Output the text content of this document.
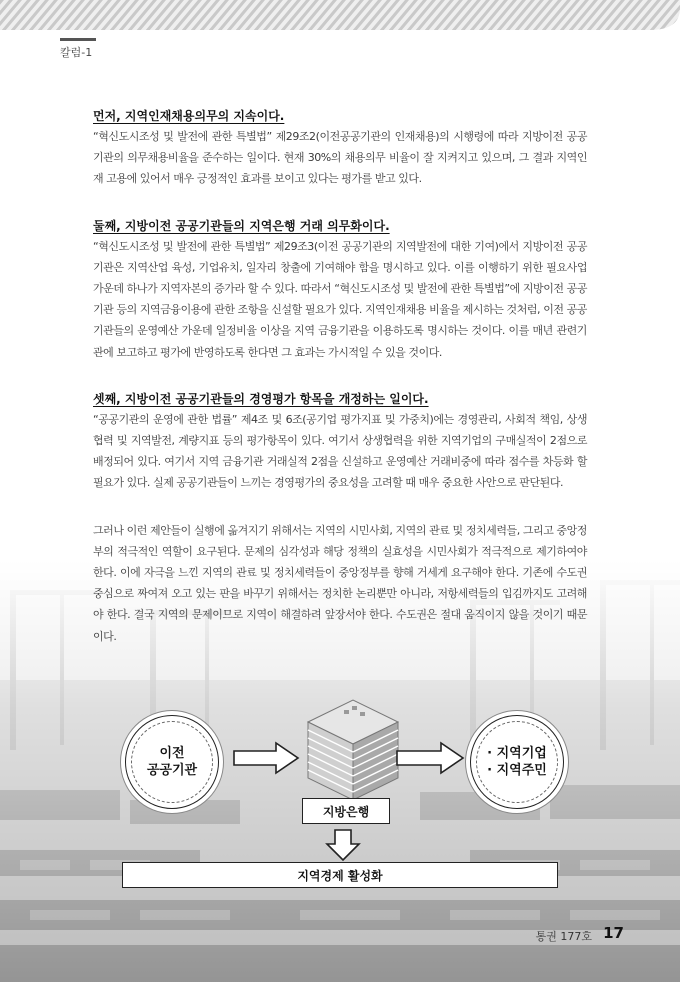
칼럼-1
먼저, 지역인재채용의무의 지속이다.
“혁신도시조성 및 발전에 관한 특별법” 제29조2(이전공공기관의 인재채용)의 시행령에 따라 지방이전 공공기관의 의무채용비율을 준수하는 일이다. 현재 30%의 채용의무 비율이 잘 지켜지고 있으며, 그 결과 지역인재 고용에 있어서 매우 긍정적인 효과를 보이고 있다는 평가를 받고 있다.
둘째, 지방이전 공공기관들의 지역은행 거래 의무화이다.
“혁신도시조성 및 발전에 관한 특별법” 제29조3(이전 공공기관의 지역발전에 대한 기여)에서 지방이전 공공기관은 지역산업 육성, 기업유치, 일자리 창출에 기여해야 함을 명시하고 있다. 이를 이행하기 위한 필요사업 가운데 하나가 지역자본의 증가라 할 수 있다. 따라서 “혁신도시조성 및 발전에 관한 특별법”에 지방이전 공공기관 등의 지역금융이용에 관한 조항을 신설할 필요가 있다. 지역인재채용 비율을 제시하는 것처럼, 이전 공공기관들의 운영예산 가운데 일정비율 이상을 지역 금융기관을 이용하도록 명시하는 것이다. 이를 매년 관련기관에 보고하고 평가에 반영하도록 한다면 그 효과는 가시적일 수 있을 것이다.
셋째, 지방이전 공공기관들의 경영평가 항목을 개정하는 일이다.
“공공기관의 운영에 관한 법률” 제4조 및 6조(공기업 평가지표 및 가중치)에는 경영관리, 사회적 책임, 상생협력 및 지역발전, 계량지표 등의 평가항목이 있다. 여기서 상생협력을 위한 지역기업의 구매실적이 2점으로 배정되어 있다. 여기서 지역 금융기관 거래실적 2점을 신설하고 운영예산 거래비중에 따라 점수를 차등화 할 필요가 있다. 실제 공공기관들이 느끼는 경영평가의 중요성을 고려할 때 매우 중요한 사안으로 판단된다.
그러나 이런 제안들이 실행에 옮겨지기 위해서는 지역의 시민사회, 지역의 관료 및 정치세력들, 그리고 중앙정부의 적극적인 역할이 요구된다. 문제의 심각성과 해당 정책의 실효성을 시민사회가 적극적으로 제기하여야 한다. 이에 자극을 느낀 지역의 관료 및 정치세력들이 중앙정부를 향해 거세게 요구해야 한다. 기존에 수도권 중심으로 짜여져 오고 있는 판을 바꾸기 위해서는 정치한 논리뿐만 아니라, 저항세력들의 입김까지도 고려해야 한다. 결국 지역의 문제이므로 지역이 해결하려 앞장서야 한다. 수도권은 절대 움직이지 않을 것이기 때문이다.
이전
공공기관
· 지역기업
· 지역주민
지방은행
지역경제 활성화
통권 177호 17
